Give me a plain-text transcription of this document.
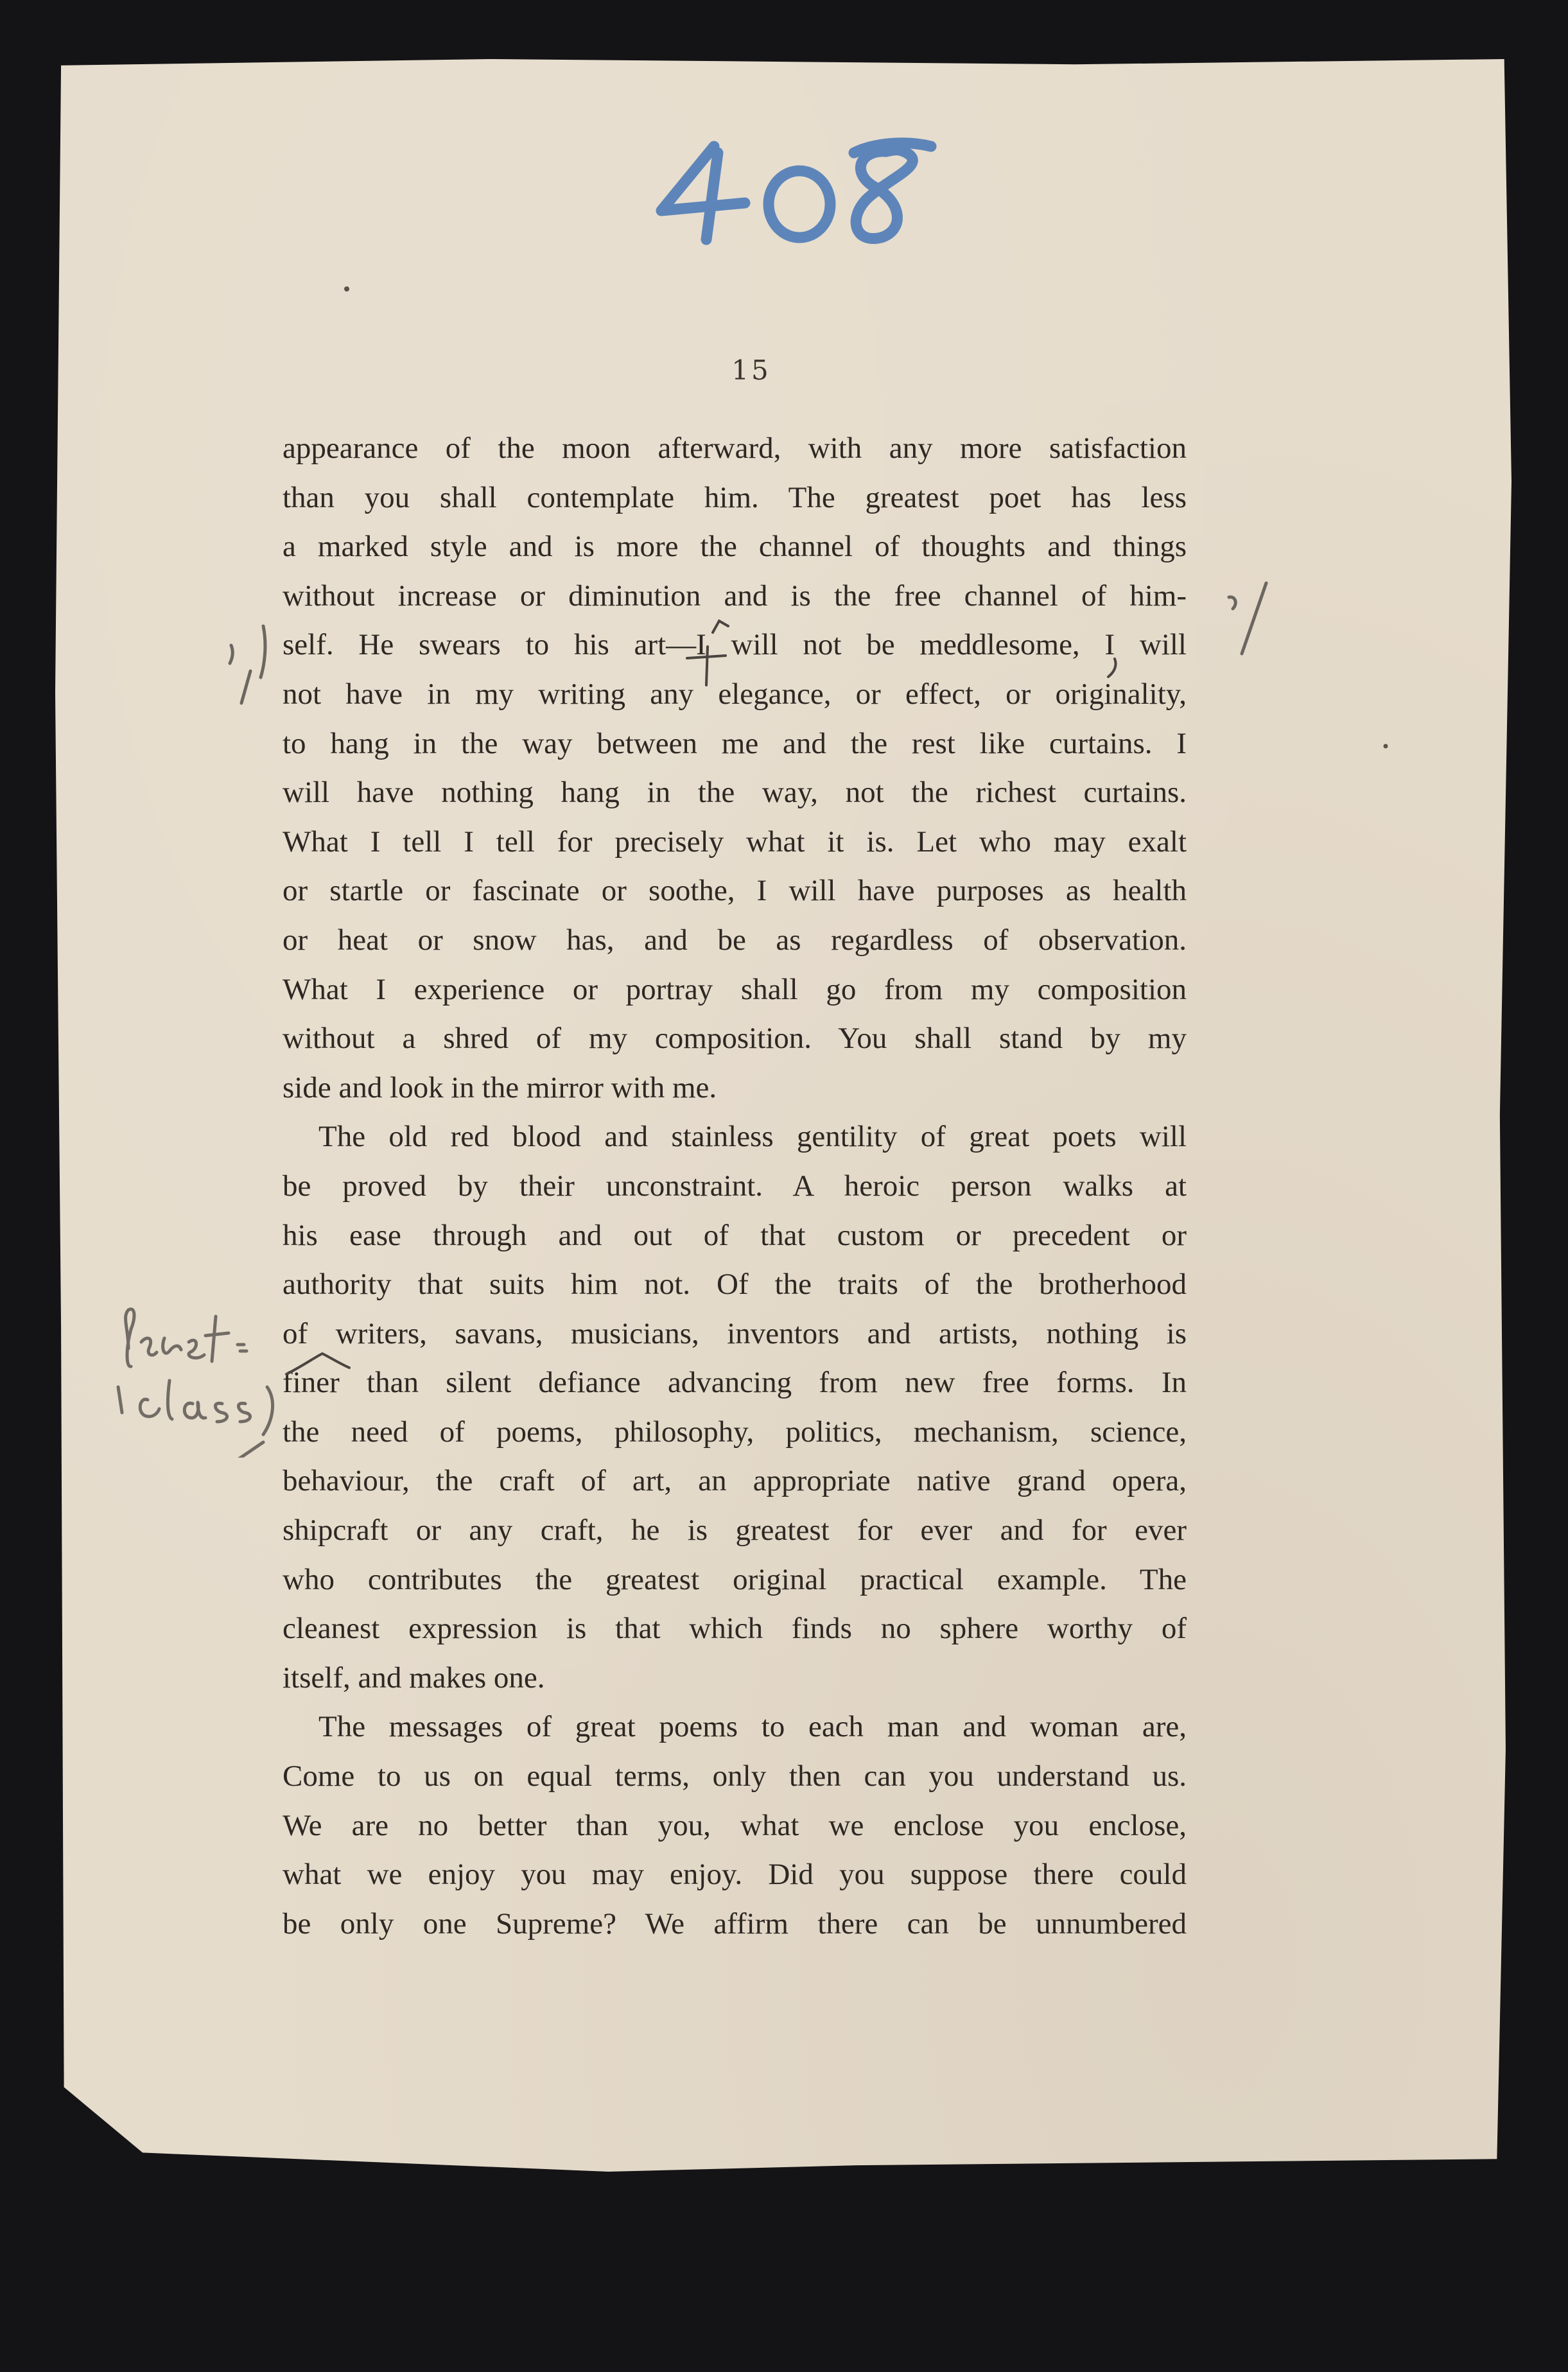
15
appearance of the moon afterward, with any more satisfaction
than you shall contemplate him. The greatest poet has less
a marked style and is more the channel of thoughts and things
without increase or diminution and is the free channel of him-
self. He swears to his art—I will not be meddlesome, I will
not have in my writing any elegance, or effect, or originality,
to hang in the way between me and the rest like curtains. I
will have nothing hang in the way, not the richest curtains.
What I tell I tell for precisely what it is. Let who may exalt
or startle or fascinate or soothe, I will have purposes as health
or heat or snow has, and be as regardless of observation.
What I experience or portray shall go from my composition
without a shred of my composition. You shall stand by my
side and look in the mirror with me.
The old red blood and stainless gentility of great poets will
be proved by their unconstraint. A heroic person walks at
his ease through and out of that custom or precedent or
authority that suits him not. Of the traits of the brotherhood
of writers, savans, musicians, inventors and artists, nothing is
finer than silent defiance advancing from new free forms. In
the need of poems, philosophy, politics, mechanism, science,
behaviour, the craft of art, an appropriate native grand opera,
shipcraft or any craft, he is greatest for ever and for ever
who contributes the greatest original practical example. The
cleanest expression is that which finds no sphere worthy of
itself, and makes one.
The messages of great poems to each man and woman are,
Come to us on equal terms, only then can you understand us.
We are no better than you, what we enclose you enclose,
what we enjoy you may enjoy. Did you suppose there could
be only one Supreme? We affirm there can be unnumbered
